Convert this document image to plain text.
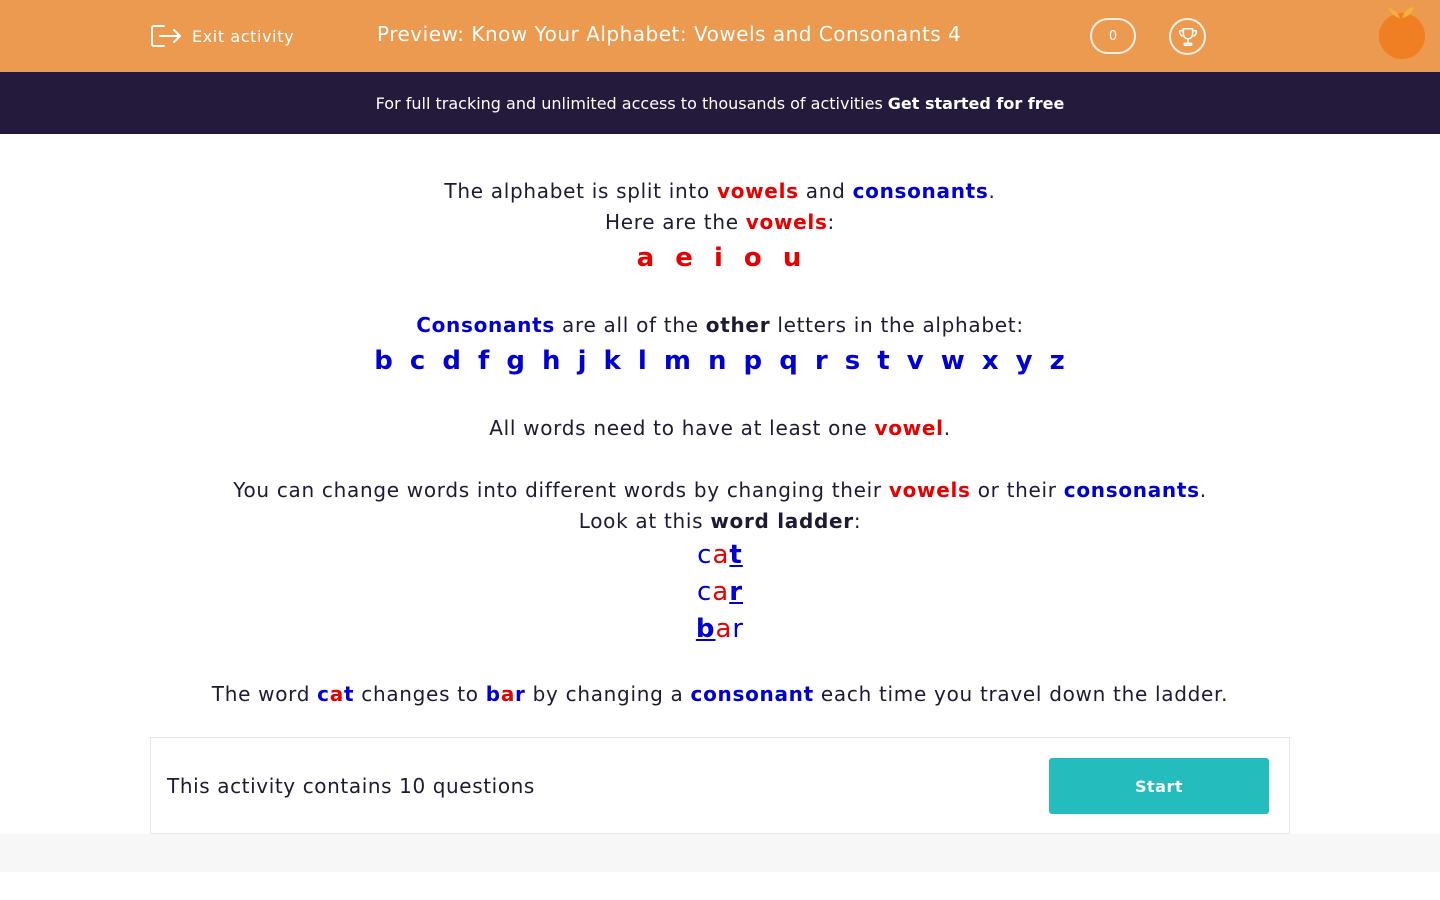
Exit activity	Preview: Know Your Alphabet: Vowels and Consonants 4	0
For full tracking and unlimited access to thousands of activities Get started for free
The alphabet is split into vowels and consonants.
Here are the vowels:
a e i o u
Consonants are all of the other letters in the alphabet:
b c d f g h j k l m n p q r s t v w x y z
All words need to have at least one vowel.
You can change words into different words by changing their vowels or their consonants.
Look at this word ladder:
cat
car
bar
The word cat changes to bar by changing a consonant each time you travel down the ladder.
This activity contains 10 questions	Start
